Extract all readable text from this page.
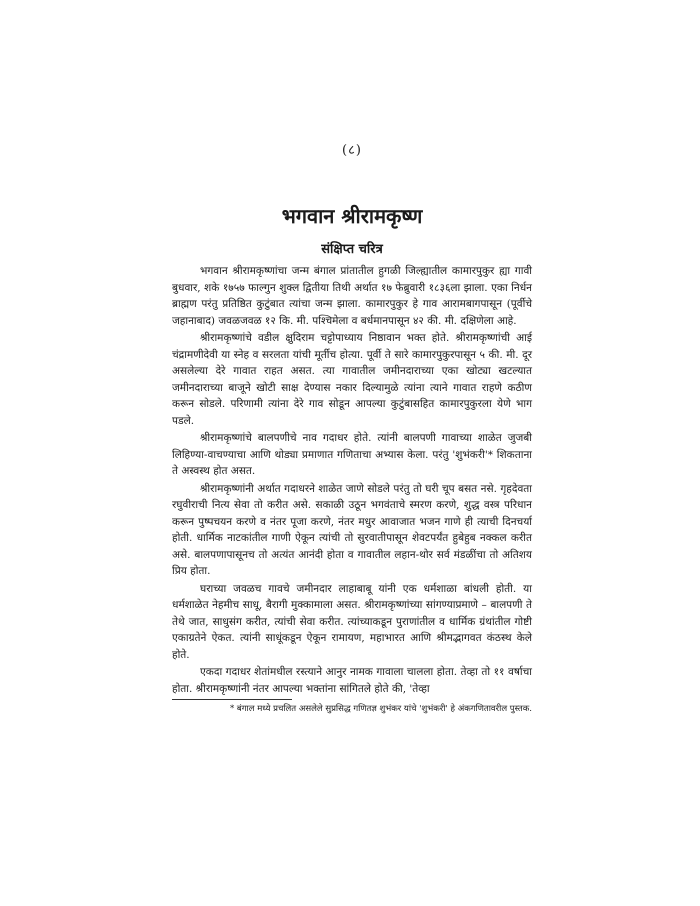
(८)
भगवान श्रीरामकृष्ण
संक्षिप्त चरित्र

भगवान श्रीरामकृष्णांचा जन्म बंगाल प्रांतातील हुगळी जिल्ह्यातील कामारपुकुर ह्या गावी बुधवार, शके १७५७ फाल्गुन शुक्ल द्वितीया तिथी अर्थात १७ फेब्रुवारी १८३६ला झाला. एका निर्धन ब्राह्मण परंतु प्रतिष्ठित कुटुंबात त्यांचा जन्म झाला. कामारपुकुर हे गाव आरामबागपासून (पूर्वीचे जहानाबाद) जवळजवळ १२ कि. मी. पश्चिमेला व बर्धमानपासून ४२ की. मी. दक्षिणेला आहे.

श्रीरामकृष्णांचे वडील क्षुदिराम चट्टोपाध्याय निष्ठावान भक्त होते. श्रीरामकृष्णांची आई चंद्रामणीदेवी या स्नेह व सरलता यांची मूर्तीच होत्या. पूर्वी ते सारे कामारपुकुरपासून ५ की. मी. दूर असलेल्या देरे गावात राहत असत. त्या गावातील जमीनदाराच्या एका खोट्या खटल्यात जमीनदाराच्या बाजूने खोटी साक्ष देण्यास नकार दिल्यामुळे त्यांना त्याने गावात राहणे कठीण करून सोडले. परिणामी त्यांना देरे गाव सोडून आपल्या कुटुंबासहित कामारपुकुरला येणे भाग पडले.

श्रीरामकृष्णांचे बालपणीचे नाव गदाधर होते. त्यांनी बालपणी गावाच्या शाळेत जुजबी लिहिण्या-वाचण्याचा आणि थोड्या प्रमाणात गणिताचा अभ्यास केला. परंतु 'शुभंकरी'* शिकताना ते अस्वस्थ होत असत.

श्रीरामकृष्णांनी अर्थात गदाधरने शाळेत जाणे सोडले परंतु तो घरी चूप बसत नसे. गृहदेवता रघुवीराची नित्य सेवा तो करीत असे. सकाळी उठून भगवंताचे स्मरण करणे, शुद्ध वस्त्र परिधान करून पुष्पचयन करणे व नंतर पूजा करणे, नंतर मधुर आवाजात भजन गाणे ही त्याची दिनचर्या होती. धार्मिक नाटकांतील गाणी ऐकून त्यांची तो सुरवातीपासून शेवटपर्यंत हुबेहुब नक्कल करीत असे. बालपणापासूनच तो अत्यंत आनंदी होता व गावातील लहान-थोर सर्व मंडळींचा तो अतिशय प्रिय होता.

घराच्या जवळच गावचे जमीनदार लाहाबाबू यांनी एक धर्मशाळा बांधली होती. या धर्मशाळेत नेहमीच साधू, बैरागी मुक्कामाला असत. श्रीरामकृष्णांच्या सांगण्याप्रमाणे – बालपणी ते तेथे जात, साधुसंग करीत, त्यांची सेवा करीत. त्यांच्याकडून पुराणांतील व धार्मिक ग्रंथांतील गोष्टी एकाग्रतेने ऐकत. त्यांनी साधूंकडून ऐकून रामायण, महाभारत आणि श्रीमद्भागवत कंठस्थ केले होते.

एकदा गदाधर शेतांमधील रस्त्याने आनुर नामक गावाला चालला होता. तेव्हा तो ११ वर्षाचा होता. श्रीरामकृष्णांनी नंतर आपल्या भक्तांना सांगितले होते की, 'तेव्हा

* बंगाल मध्ये प्रचलित असलेले सुप्रसिद्ध गणितज्ञ शुभंकर यांचे 'शुभंकरी' हे अंकगणितावरील पुस्तक.
